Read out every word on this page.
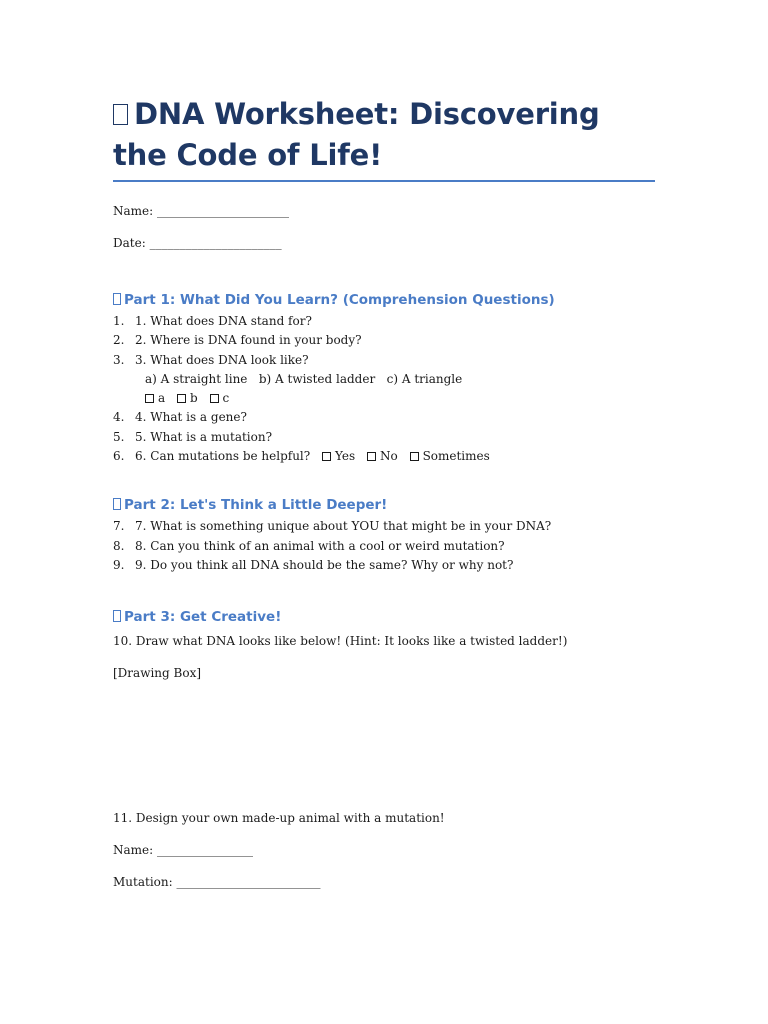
DNA Worksheet: Discovering the Code of Life!

Name: ______________________

Date: ______________________

Part 1: What Did You Learn? (Comprehension Questions)
1. 1. What does DNA stand for?
2. 2. Where is DNA found in your body?
3. 3. What does DNA look like?
a) A straight line   b) A twisted ladder   c) A triangle
a b c
4. 4. What is a gene?
5. 5. What is a mutation?
6. 6. Can mutations be helpful? Yes No Sometimes
Part 2: Let's Think a Little Deeper!
7. 7. What is something unique about YOU that might be in your DNA?
8. 8. Can you think of an animal with a cool or weird mutation?
9. 9. Do you think all DNA should be the same? Why or why not?
Part 3: Get Creative!

10. Draw what DNA looks like below! (Hint: It looks like a twisted ladder!)

[Drawing Box]

11. Design your own made-up animal with a mutation!

Name: ________________

Mutation: ________________________
